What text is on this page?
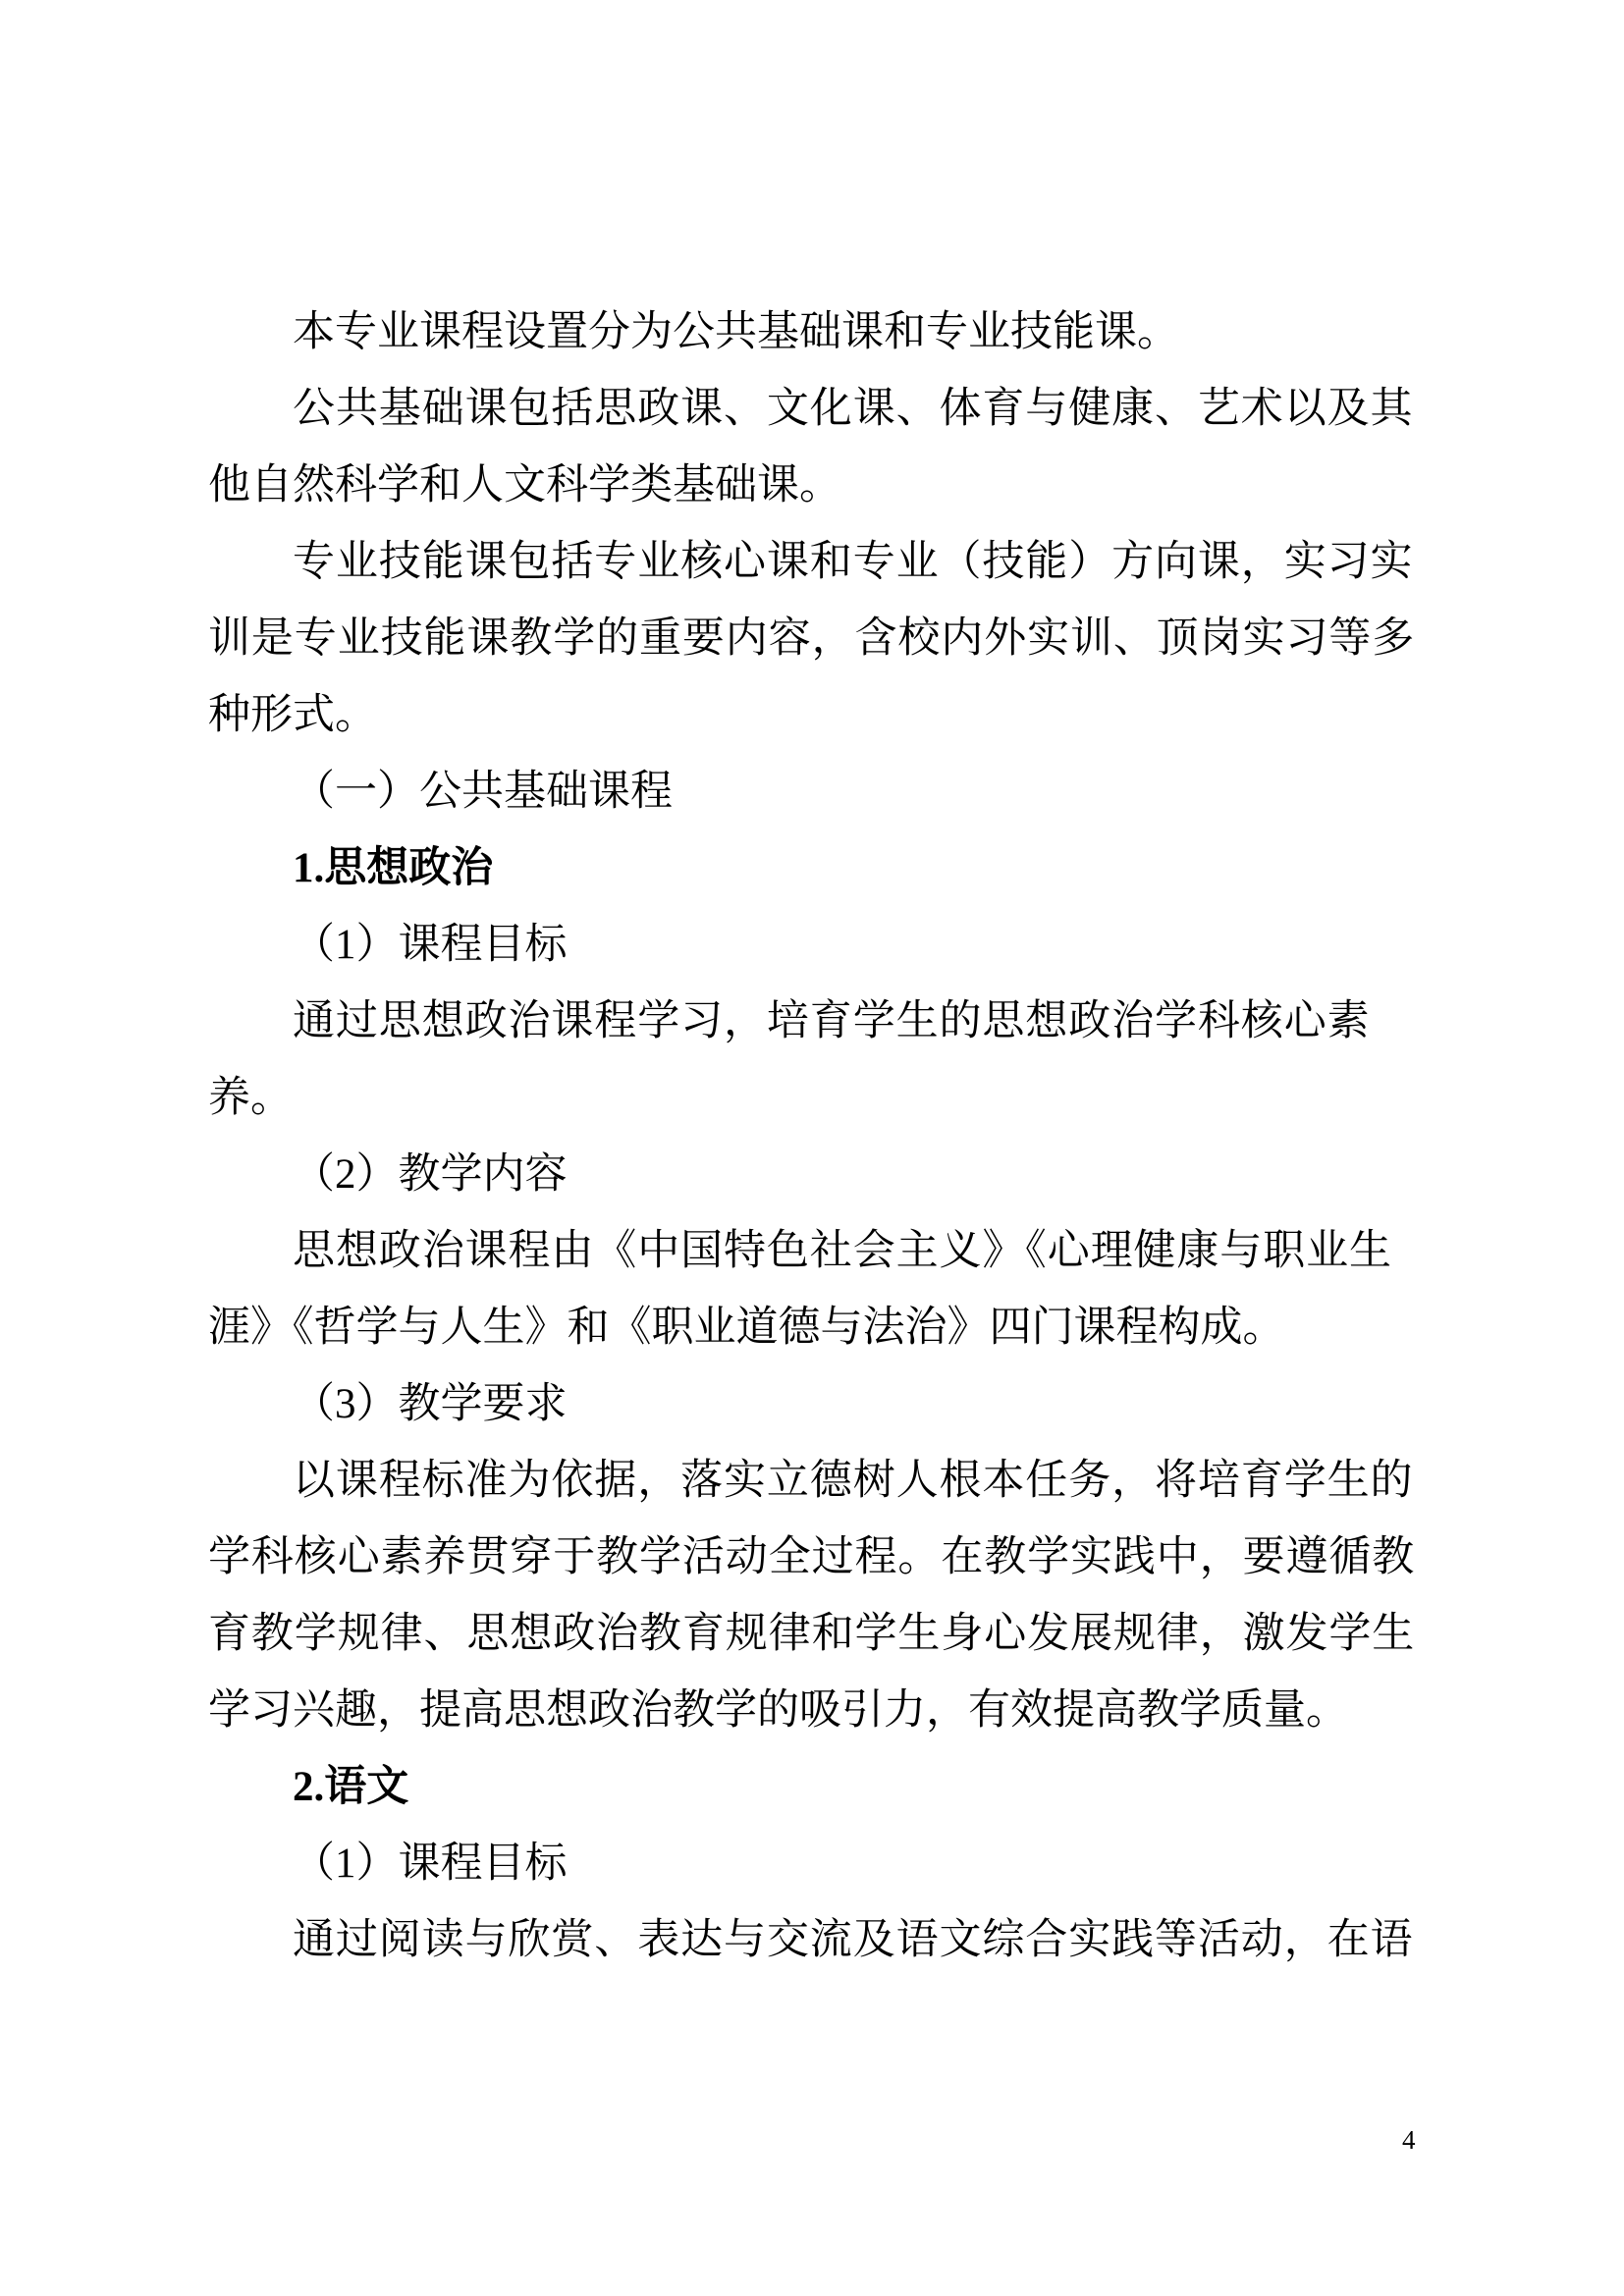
本专业课程设置分为公共基础课和专业技能课。
公共基础课包括思政课、文化课、体育与健康、艺术以及其
他自然科学和人文科学类基础课。
专业技能课包括专业核心课和专业（技能）方向课，实习实
训是专业技能课教学的重要内容，含校内外实训、顶岗实习等多
种形式。
（一）公共基础课程
1.思想政治
（1）课程目标
通过思想政治课程学习，培育学生的思想政治学科核心素
养。
（2）教学内容
思想政治课程由《中国特色社会主义》《心理健康与职业生
涯》《哲学与人生》和《职业道德与法治》四门课程构成。
（3）教学要求
以课程标准为依据，落实立德树人根本任务，将培育学生的
学科核心素养贯穿于教学活动全过程。在教学实践中，要遵循教
育教学规律、思想政治教育规律和学生身心发展规律，激发学生
学习兴趣，提高思想政治教学的吸引力，有效提高教学质量。
2.语文
（1）课程目标
通过阅读与欣赏、表达与交流及语文综合实践等活动，在语
4
